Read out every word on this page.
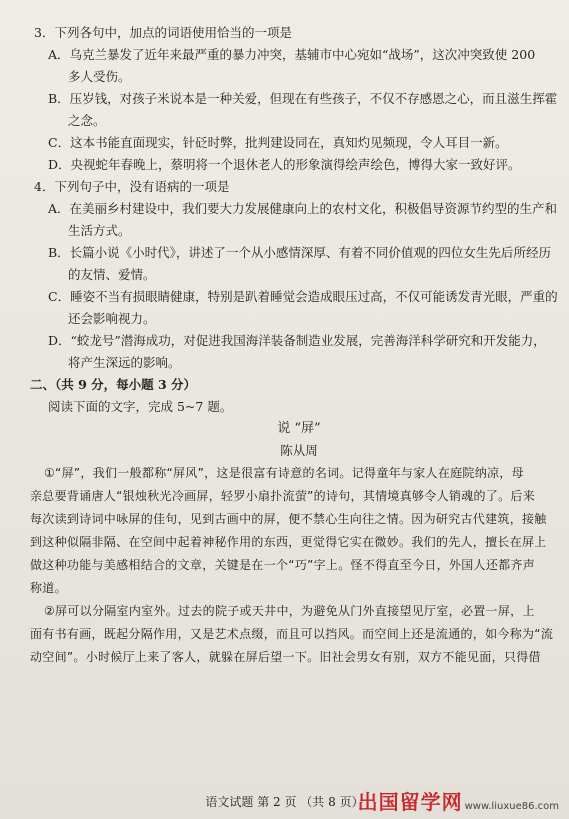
3．下列各句中，加点的词语使用恰当的一项是
A．乌克兰暴发了近年来最严重的暴力冲突，基辅市中心宛如“战场”，这次冲突致使 200
多人受伤。
B．压岁钱，对孩子米说本是一种关爱，但现在有些孩子，不仅不存感恩之心，而且滋生挥霍
之念。
C．这本书能直面现实，针砭时弊，批判建设同在，真知灼见频现，令人耳目一新。
D．央视蛇年春晚上，蔡明将一个退休老人的形象演得绘声绘色，博得大家一致好评。
4．下列句子中，没有语病的一项是
A．在美丽乡村建设中，我们要大力发展健康向上的农村文化，积极倡导资源节约型的生产和
生活方式。
B．长篇小说《小时代》，讲述了一个从小感情深厚、有着不同价值观的四位女生先后所经历
的友情、爱情。
C．睡姿不当有损眼睛健康，特别是趴着睡觉会造成眼压过高，不仅可能诱发青光眼，严重的
还会影响视力。
D．“蛟龙号”潜海成功，对促进我国海洋装备制造业发展，完善海洋科学研究和开发能力，
将产生深远的影响。
二、（共 9 分，每小题 3 分）
阅读下面的文字，完成 5~7 题。
说 “屏”
陈从周
①“屏”，我们一般都称“屏风”，这是很富有诗意的名词。记得童年与家人在庭院纳凉，母
亲总要背诵唐人“银烛秋光冷画屏，轻罗小扇扑流萤”的诗句，其情境真够令人销魂的了。后来
每次读到诗词中咏屏的佳句，见到古画中的屏，便不禁心生向往之情。因为研究古代建筑，接触
到这种似隔非隔、在空间中起着神秘作用的东西，更觉得它实在微妙。我们的先人，擅长在屏上
做这种功能与美感相结合的文章，关键是在一个“巧”字上。怪不得直至今日，外国人还都齐声
称道。
②屏可以分隔室内室外。过去的院子或天井中，为避免从门外直接望见厅室，必置一屏，上
面有书有画，既起分隔作用，又是艺术点缀，而且可以挡风。而空间上还是流通的，如今称为“流
动空间”。小时候厅上来了客人，就躲在屏后望一下。旧社会男女有别，双方不能见面，只得借
语文试题 第 2 页 （共 8 页）
出国留学网 www.liuxue86.com
